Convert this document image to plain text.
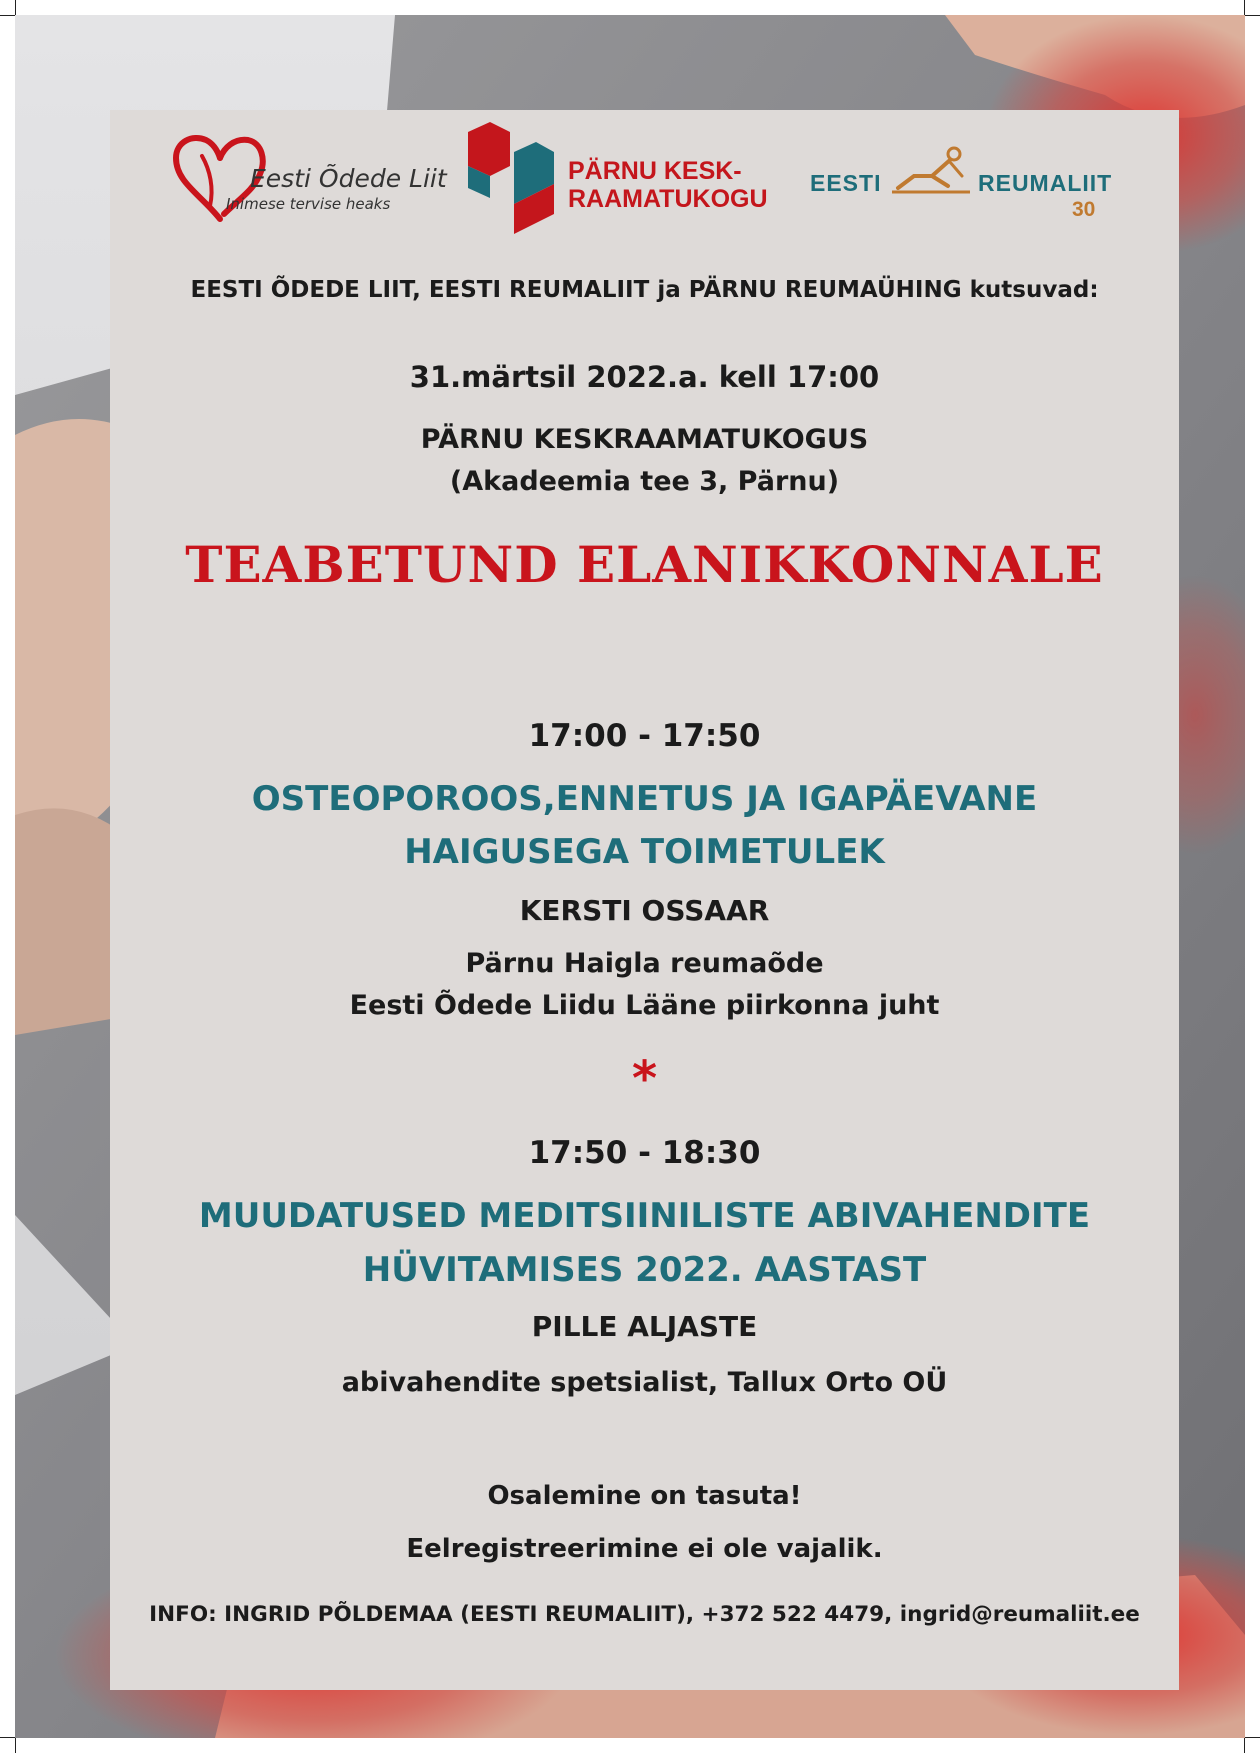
Eesti Õdede Liit
Inimese tervise heaks
PÄRNU KESK-
RAAMATUKOGU
EESTI	REUMALIIT
30
EESTI ÕDEDE LIIT, EESTI REUMALIIT ja PÄRNU REUMAÜHING kutsuvad:
31.märtsil 2022.a. kell 17:00
PÄRNU KESKRAAMATUKOGUS
(Akadeemia tee 3, Pärnu)
TEABETUND ELANIKKONNALE
17:00 - 17:50
OSTEOPOROOS,ENNETUS JA IGAPÄEVANE
HAIGUSEGA TOIMETULEK
KERSTI OSSAAR
Pärnu Haigla reumaõde
Eesti Õdede Liidu Lääne piirkonna juht
*
17:50 - 18:30
MUUDATUSED MEDITSIINILISTE ABIVAHENDITE
HÜVITAMISES 2022. AASTAST
PILLE ALJASTE
abivahendite spetsialist, Tallux Orto OÜ
Osalemine on tasuta!
Eelregistreerimine ei ole vajalik.
INFO: INGRID PÕLDEMAA (EESTI REUMALIIT), +372 522 4479, ingrid@reumaliit.ee
